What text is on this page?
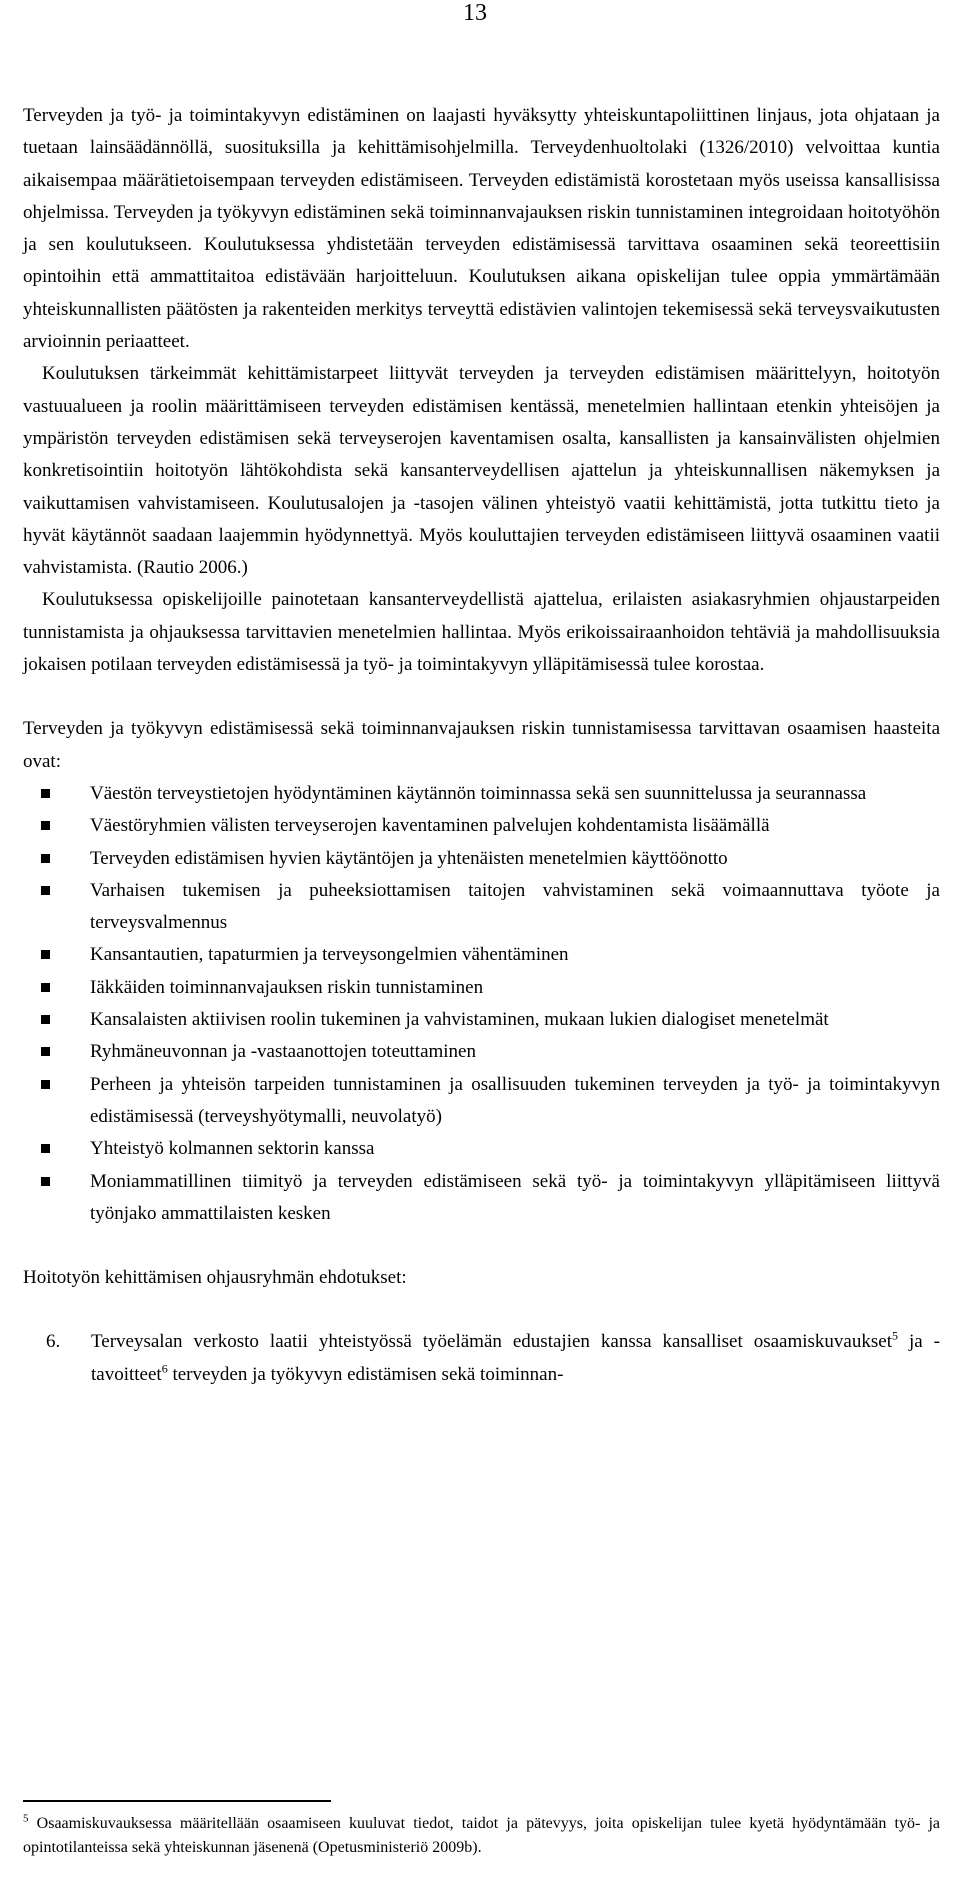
13

Terveyden ja työ- ja toimintakyvyn edistäminen on laajasti hyväksytty yhteiskuntapoliittinen linjaus, jota ohjataan ja tuetaan lainsäädännöllä, suosituksilla ja kehittämisohjelmilla. Terveydenhuoltolaki (1326/2010) velvoittaa kuntia aikaisempaa määrätietoisempaan terveyden edistämiseen. Terveyden edistämistä korostetaan myös useissa kansallisissa ohjelmissa. Terveyden ja työkyvyn edistäminen sekä toiminnanvajauksen riskin tunnistaminen integroidaan hoitotyöhön ja sen koulutukseen. Koulutuksessa yhdistetään terveyden edistämisessä tarvittava osaaminen sekä teoreettisiin opintoihin että ammattitaitoa edistävään harjoitteluun. Koulutuksen aikana opiskelijan tulee oppia ymmärtämään yhteiskunnallisten päätösten ja rakenteiden merkitys terveyttä edistävien valintojen tekemisessä sekä terveysvaikutusten arvioinnin periaatteet.

Koulutuksen tärkeimmät kehittämistarpeet liittyvät terveyden ja terveyden edistämisen määrittelyyn, hoitotyön vastuualueen ja roolin määrittämiseen terveyden edistämisen kentässä, menetelmien hallintaan etenkin yhteisöjen ja ympäristön terveyden edistämisen sekä terveyserojen kaventamisen osalta, kansallisten ja kansainvälisten ohjelmien konkretisointiin hoitotyön lähtökohdista sekä kansanterveydellisen ajattelun ja yhteiskunnallisen näkemyksen ja vaikuttamisen vahvistamiseen. Koulutusalojen ja -tasojen välinen yhteistyö vaatii kehittämistä, jotta tutkittu tieto ja hyvät käytännöt saadaan laajemmin hyödynnettyä. Myös kouluttajien terveyden edistämiseen liittyvä osaaminen vaatii vahvistamista. (Rautio 2006.)

Koulutuksessa opiskelijoille painotetaan kansanterveydellistä ajattelua, erilaisten asiakasryhmien ohjaustarpeiden tunnistamista ja ohjauksessa tarvittavien menetelmien hallintaa. Myös erikoissairaanhoidon tehtäviä ja mahdollisuuksia jokaisen potilaan terveyden edistämisessä ja työ- ja toimintakyvyn ylläpitämisessä tulee korostaa.

Terveyden ja työkyvyn edistämisessä sekä toiminnanvajauksen riskin tunnistamisessa tarvittavan osaamisen haasteita ovat:

Väestön terveystietojen hyödyntäminen käytännön toiminnassa sekä sen suunnittelussa ja seurannassa
Väestöryhmien välisten terveyserojen kaventaminen palvelujen kohdentamista lisäämällä
Terveyden edistämisen hyvien käytäntöjen ja yhtenäisten menetelmien käyttöönotto
Varhaisen tukemisen ja puheeksiottamisen taitojen vahvistaminen sekä voimaannuttava työote ja terveysvalmennus
Kansantautien, tapaturmien ja terveysongelmien vähentäminen
Iäkkäiden toiminnanvajauksen riskin tunnistaminen
Kansalaisten aktiivisen roolin tukeminen ja vahvistaminen, mukaan lukien dialogiset menetelmät
Ryhmäneuvonnan ja -vastaanottojen toteuttaminen
Perheen ja yhteisön tarpeiden tunnistaminen ja osallisuuden tukeminen terveyden ja työ- ja toimintakyvyn edistämisessä (terveyshyötymalli, neuvolatyö)
Yhteistyö kolmannen sektorin kanssa
Moniammatillinen tiimityö ja terveyden edistämiseen sekä työ- ja toimintakyvyn ylläpitämiseen liittyvä työnjako ammattilaisten kesken

Hoitotyön kehittämisen ohjausryhmän ehdotukset:

6. Terveysalan verkosto laatii yhteistyössä työelämän edustajien kanssa kansalliset osaamiskuvaukset$^5$ ja -tavoitteet$^6$ terveyden ja työkyvyn edistämisen sekä toiminnan-
$^5$ Osaamiskuvauksessa määritellään osaamiseen kuuluvat tiedot, taidot ja pätevyys, joita opiskelijan tulee kyetä hyödyntämään työ- ja opintotilanteissa sekä yhteiskunnan jäsenenä (Opetusministeriö 2009b).
